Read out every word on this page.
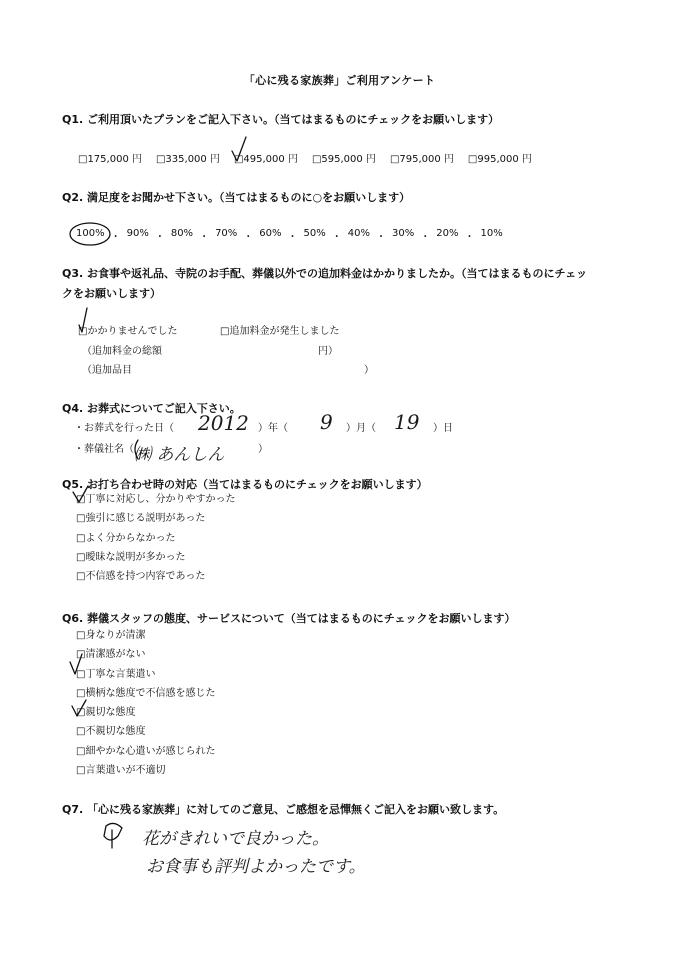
「心に残る家族葬」ご利用アンケート
Q1. ご利用頂いたプランをご記入下さい。（当てはまるものにチェックをお願いします）
□175,000 円 □335,000 円 □495,000 円 □595,000 円 □795,000 円 □995,000 円
Q2. 満足度をお聞かせ下さい。（当てはまるものに○をお願いします）
100% ・ 90% ・ 80% ・ 70% ・ 60% ・ 50% ・ 40% ・ 30% ・ 20% ・ 10%
Q3. お食事や返礼品、寺院のお手配、葬儀以外での追加料金はかかりましたか。（当てはまるものにチェッ
クをお願いします）
□かかりませんでした	□追加料金が発生しました
（追加料金の総額	円）
（追加品目	）
Q4. お葬式についてご記入下さい。
・お葬式を行った日（ 2012 ）年（ 9 ）月（ 19 ）日
・葬儀社名（ ㈱ あんしん	）
Q5. お打ち合わせ時の対応（当てはまるものにチェックをお願いします）
□丁寧に対応し、分かりやすかった
□強引に感じる説明があった
□よく分からなかった
□曖昧な説明が多かった
□不信感を持つ内容であった
Q6. 葬儀スタッフの態度、サービスについて（当てはまるものにチェックをお願いします）
□身なりが清潔
□清潔感がない
□丁寧な言葉遣い
□横柄な態度で不信感を感じた
□親切な態度
□不親切な態度
□細やかな心遣いが感じられた
□言葉遣いが不適切
Q7. 「心に残る家族葬」に対してのご意見、ご感想を忌憚無くご記入をお願い致します。
花がきれいで良かった。
お食事も評判よかったです。
